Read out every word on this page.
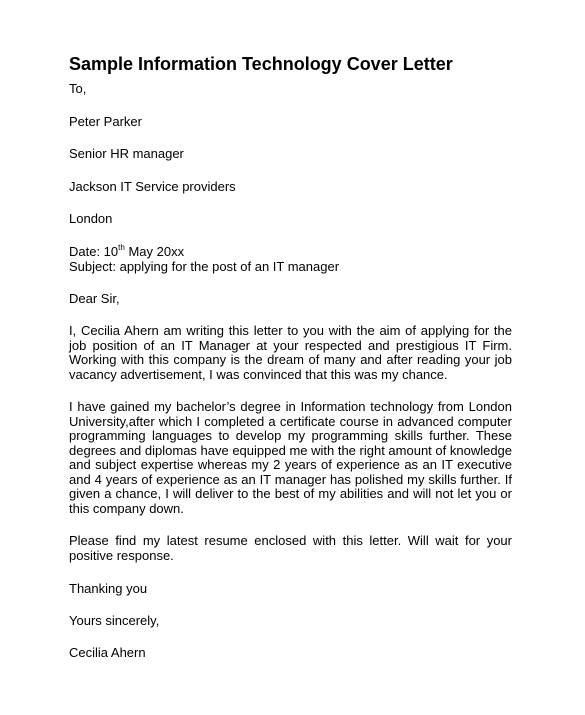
Sample Information Technology Cover Letter
To,
Peter Parker
Senior HR manager
Jackson IT Service providers
London
Date: 10th May 20xx
Subject: applying for the post of an IT manager
Dear Sir,
I, Cecilia Ahern am writing this letter to you with the aim of applying for the job position of an IT Manager at your respected and prestigious IT Firm. Working with this company is the dream of many and after reading your job vacancy advertisement, I was convinced that this was my chance.
I have gained my bachelor’s degree in Information technology from London University,after which I completed a certificate course in advanced computer programming languages to develop my programming skills further. These degrees and diplomas have equipped me with the right amount of knowledge and subject expertise whereas my 2 years of experience as an IT executive and 4 years of experience as an IT manager has polished my skills further. If given a chance, I will deliver to the best of my abilities and will not let you or this company down.
Please find my latest resume enclosed with this letter. Will wait for your positive response.
Thanking you
Yours sincerely,
Cecilia Ahern
